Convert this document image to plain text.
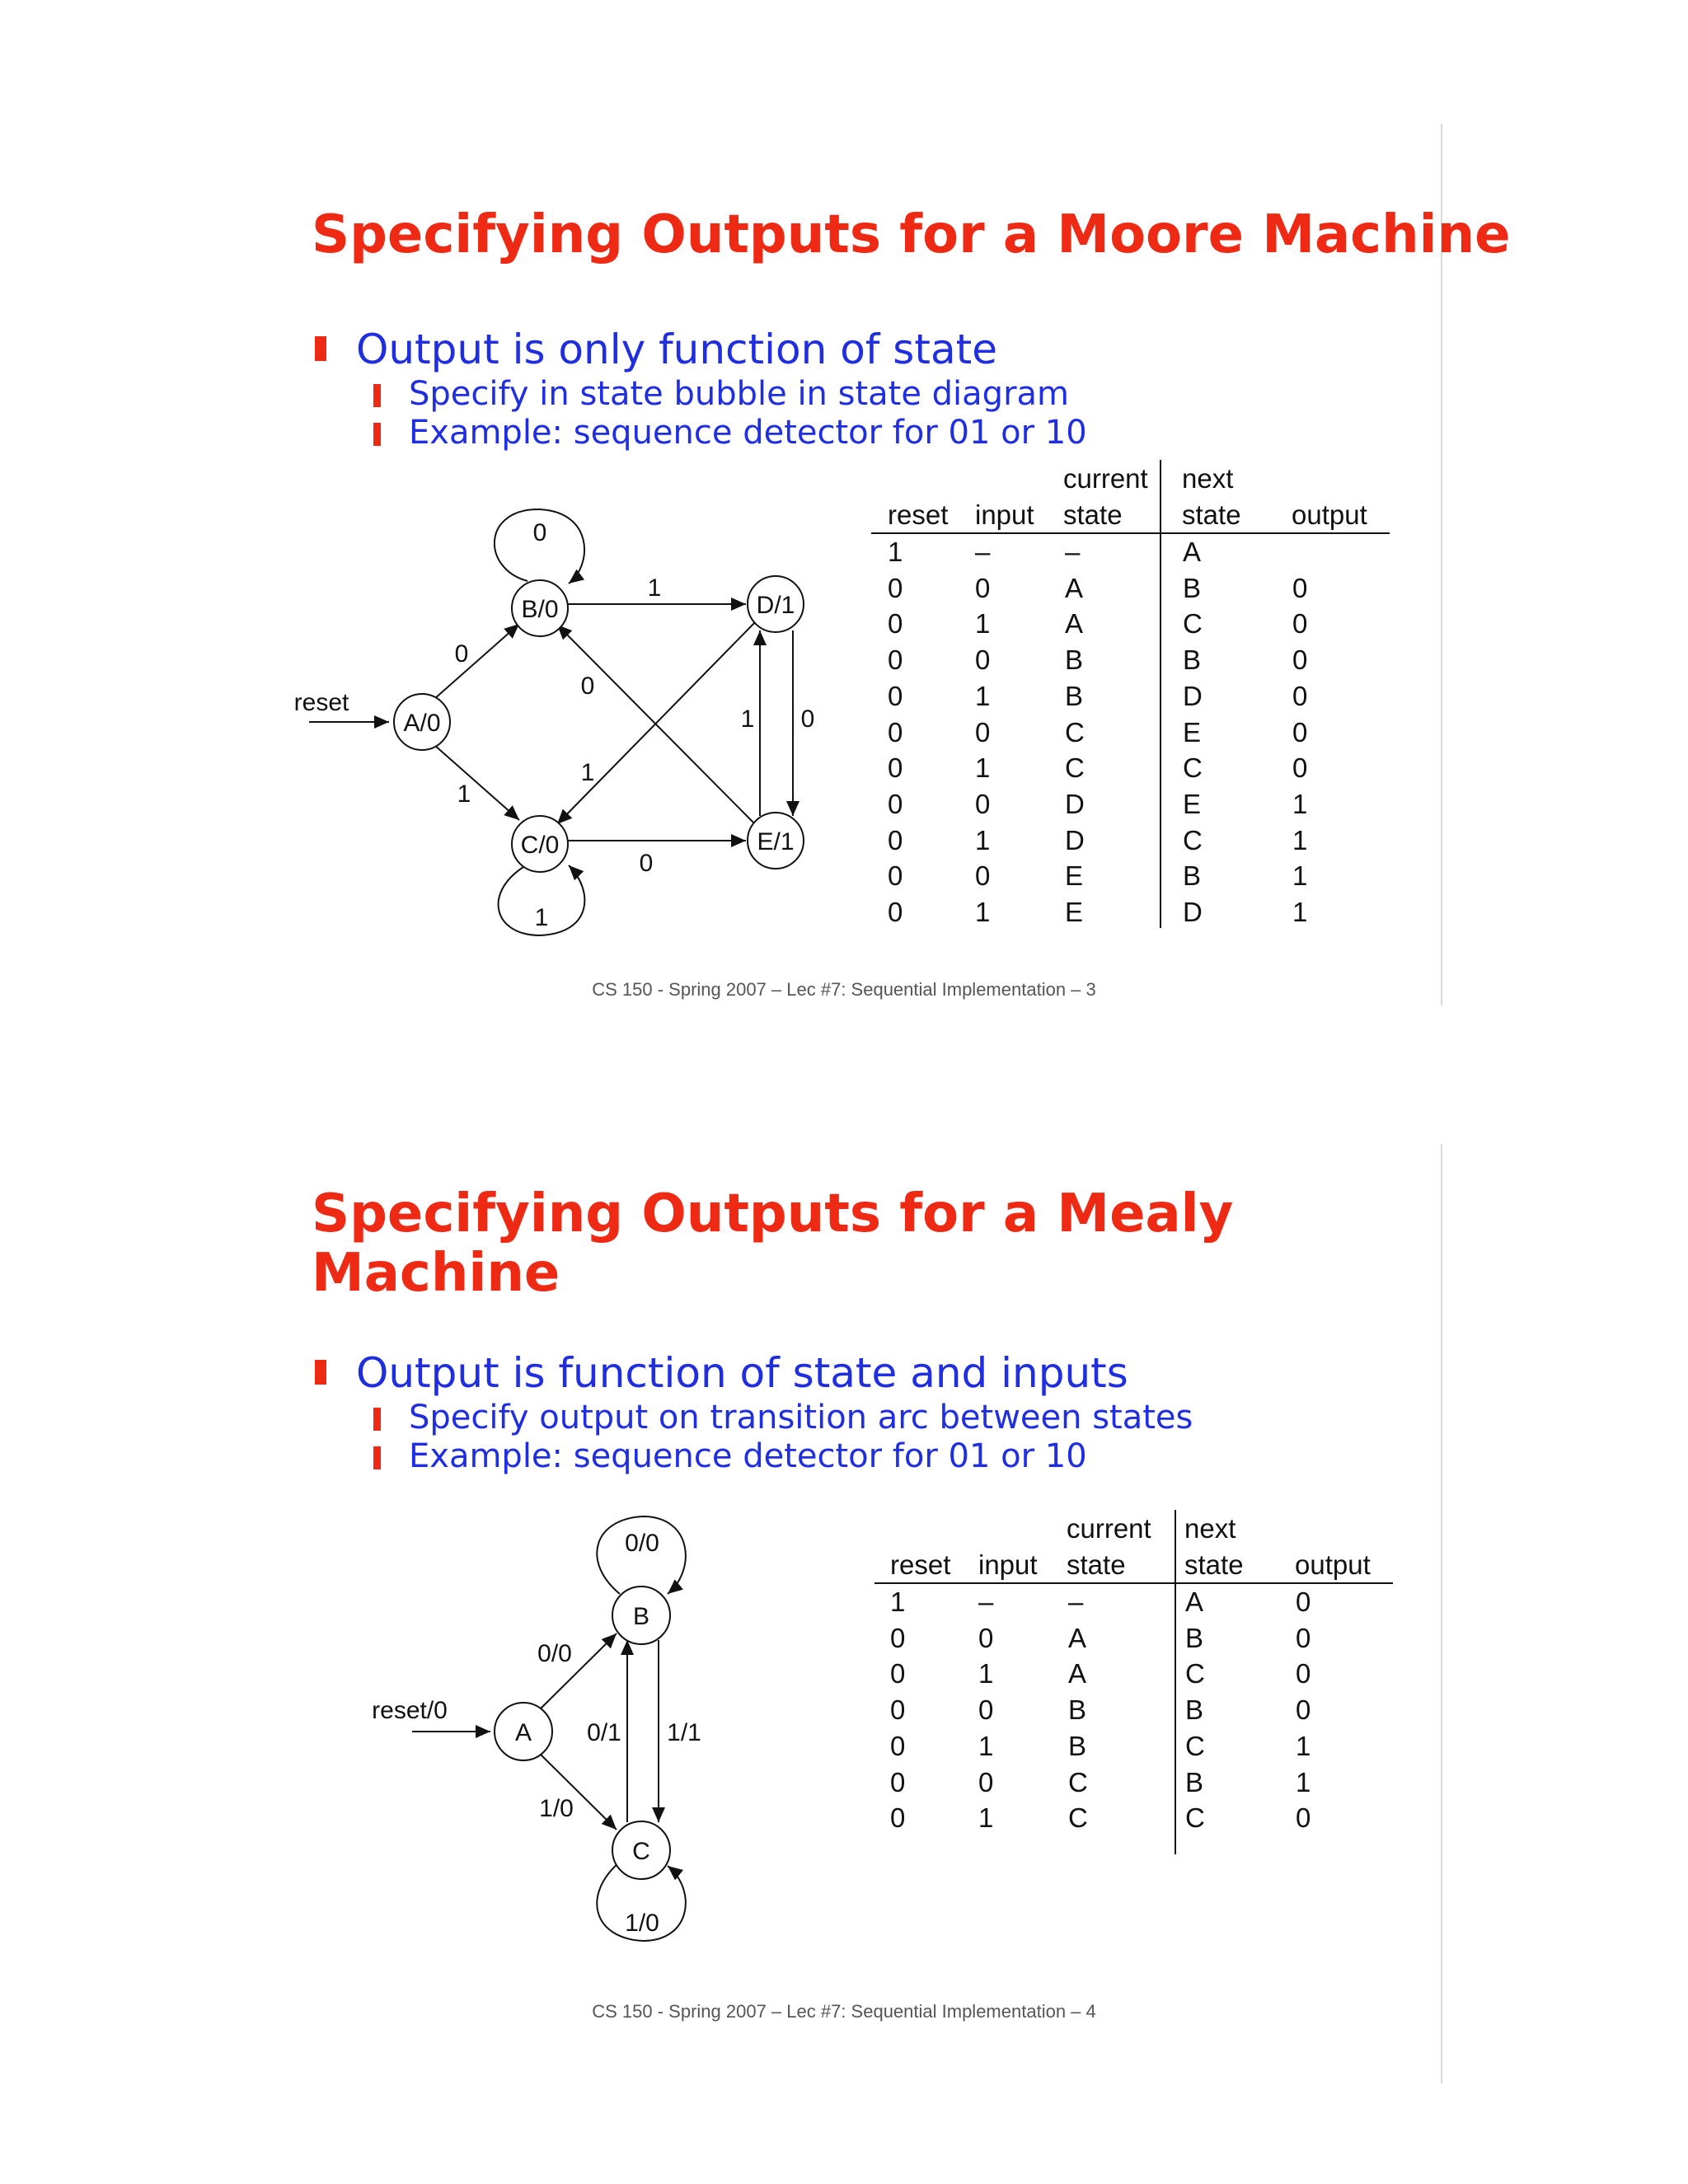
Specifying Outputs for a Moore Machine
Output is only function of state
Specify in state bubble in state diagram
Example: sequence detector for 01 or 10
A/0
B/0
C/0
D/1
E/1
reset
0
1
0
1
1
0
0
1
1 0
current next
reset input state state output
1	–	–	A
0	0	A	B	0
0	1	A	C	0
0	0	B	B	0
0	1	B	D	0
0	0	C	E	0
0	1	C	C	0
0	0	D	E	1
0	1	D	C	1
0	0	E	B	1
0	1	E	D	1
CS 150 - Spring 2007 – Lec #7: Sequential Implementation – 3
Specifying Outputs for a Mealy
Machine
Output is function of state and inputs
Specify output on transition arc between states
Example: sequence detector for 01 or 10
A
B
C
reset/0
0/0
1/0
0/0
1/0
0/1 1/1
current next
reset input state state output
1	–	–	A	0
0	0	A	B	0
0	1	A	C	0
0	0	B	B	0
0	1	B	C	1
0	0	C	B	1
0	1	C	C	0
CS 150 - Spring 2007 – Lec #7: Sequential Implementation – 4
